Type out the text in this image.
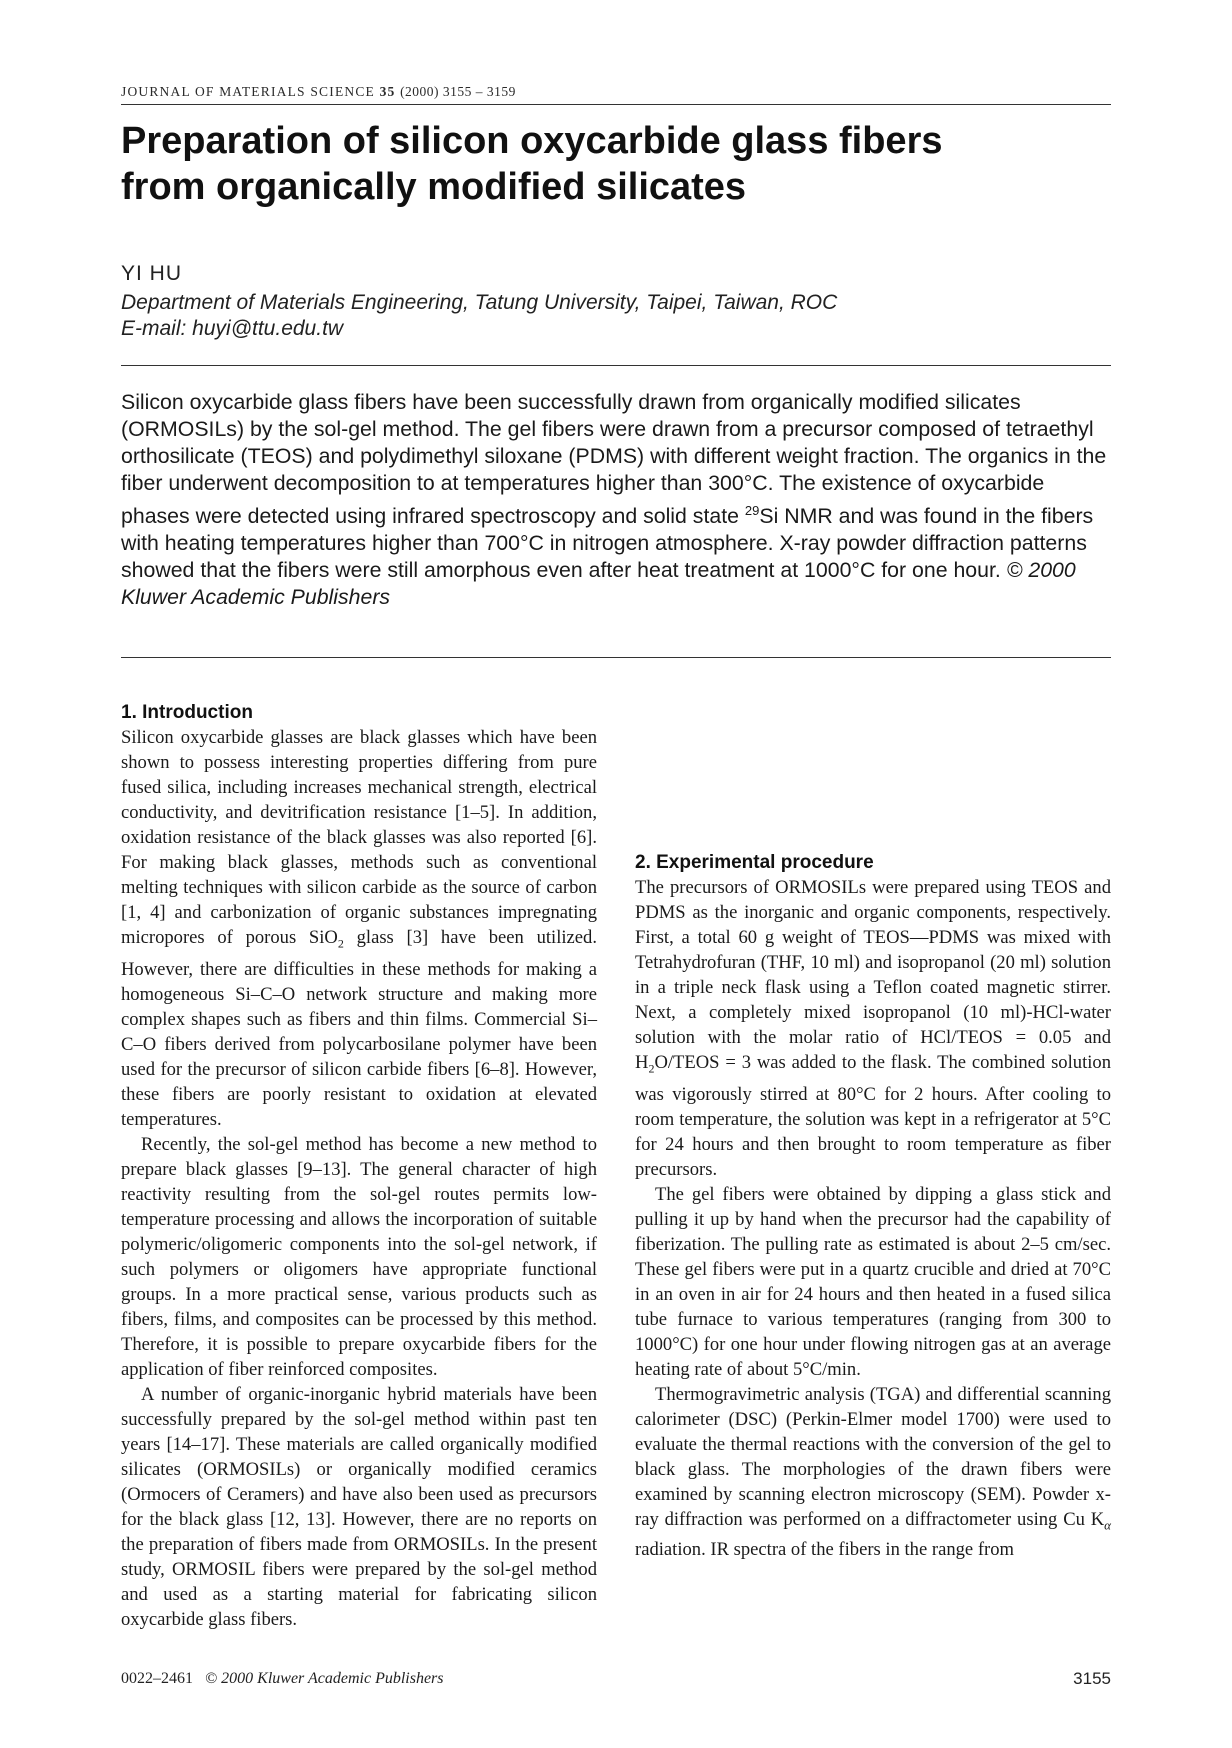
JOURNAL OF MATERIALS SCIENCE 35 (2000) 3155 – 3159
Preparation of silicon oxycarbide glass fibers
from organically modified silicates
YI HU
Department of Materials Engineering, Tatung University, Taipei, Taiwan, ROC
E-mail: huyi@ttu.edu.tw
Silicon oxycarbide glass fibers have been successfully drawn from organically modified silicates (ORMOSILs) by the sol-gel method. The gel fibers were drawn from a precursor composed of tetraethyl orthosilicate (TEOS) and polydimethyl siloxane (PDMS) with different weight fraction. The organics in the fiber underwent decomposition to at temperatures higher than 300°C. The existence of oxycarbide phases were detected using infrared spectroscopy and solid state $^{29}$Si NMR and was found in the fibers with heating temperatures higher than 700°C in nitrogen atmosphere. X-ray powder diffraction patterns showed that the fibers were still amorphous even after heat treatment at 1000°C for one hour. © 2000 Kluwer Academic Publishers
1. Introduction

Silicon oxycarbide glasses are black glasses which have been shown to possess interesting properties differing from pure fused silica, including increases mechanical strength, electrical conductivity, and devitrification resistance [1–5]. In addition, oxidation resistance of the black glasses was also reported [6]. For making black glasses, methods such as conventional melting techniques with silicon carbide as the source of carbon [1, 4] and carbonization of organic substances impregnating micropores of porous SiO$_2$ glass [3] have been utilized. However, there are difficulties in these methods for making a homogeneous Si–C–O network structure and making more complex shapes such as fibers and thin films. Commercial Si–C–O fibers derived from polycarbosilane polymer have been used for the precursor of silicon carbide fibers [6–8]. However, these fibers are poorly resistant to oxidation at elevated temperatures.

Recently, the sol-gel method has become a new method to prepare black glasses [9–13]. The general character of high reactivity resulting from the sol-gel routes permits low-temperature processing and allows the incorporation of suitable polymeric/oligomeric components into the sol-gel network, if such polymers or oligomers have appropriate functional groups. In a more practical sense, various products such as fibers, films, and composites can be processed by this method. Therefore, it is possible to prepare oxycarbide fibers for the application of fiber reinforced composites.

A number of organic-inorganic hybrid materials have been successfully prepared by the sol-gel method within past ten years [14–17]. These materials are called organically modified silicates (ORMOSILs) or organically modified ceramics (Ormocers of Ceramers) and have also been used as precursors for the black glass [12, 13]. However, there are no reports on the preparation of fibers made from ORMOSILs. In the present study, ORMOSIL fibers were prepared by the sol-gel method and used as a starting material for fabricating silicon oxycarbide glass fibers.

2. Experimental procedure

The precursors of ORMOSILs were prepared using TEOS and PDMS as the inorganic and organic components, respectively. First, a total 60 g weight of TEOS—PDMS was mixed with Tetrahydrofuran (THF, 10 ml) and isopropanol (20 ml) solution in a triple neck flask using a Teflon coated magnetic stirrer. Next, a completely mixed isopropanol (10 ml)-HCl-water solution with the molar ratio of HCl/TEOS = 0.05 and $H_2O$/TEOS = 3 was added to the flask. The combined solution was vigorously stirred at 80°C for 2 hours. After cooling to room temperature, the solution was kept in a refrigerator at 5°C for 24 hours and then brought to room temperature as fiber precursors.

The gel fibers were obtained by dipping a glass stick and pulling it up by hand when the precursor had the capability of fiberization. The pulling rate as estimated is about 2–5 cm/sec. These gel fibers were put in a quartz crucible and dried at 70°C in an oven in air for 24 hours and then heated in a fused silica tube furnace to various temperatures (ranging from 300 to 1000°C) for one hour under flowing nitrogen gas at an average heating rate of about 5°C/min.

Thermogravimetric analysis (TGA) and differential scanning calorimeter (DSC) (Perkin-Elmer model 1700) were used to evaluate the thermal reactions with the conversion of the gel to black glass. The morphologies of the drawn fibers were examined by scanning electron microscopy (SEM). Powder x-ray diffraction was performed on a diffractometer using Cu $K_\alpha$ radiation. IR spectra of the fibers in the range from

0022–2461 © 2000 Kluwer Academic Publishers	3155
